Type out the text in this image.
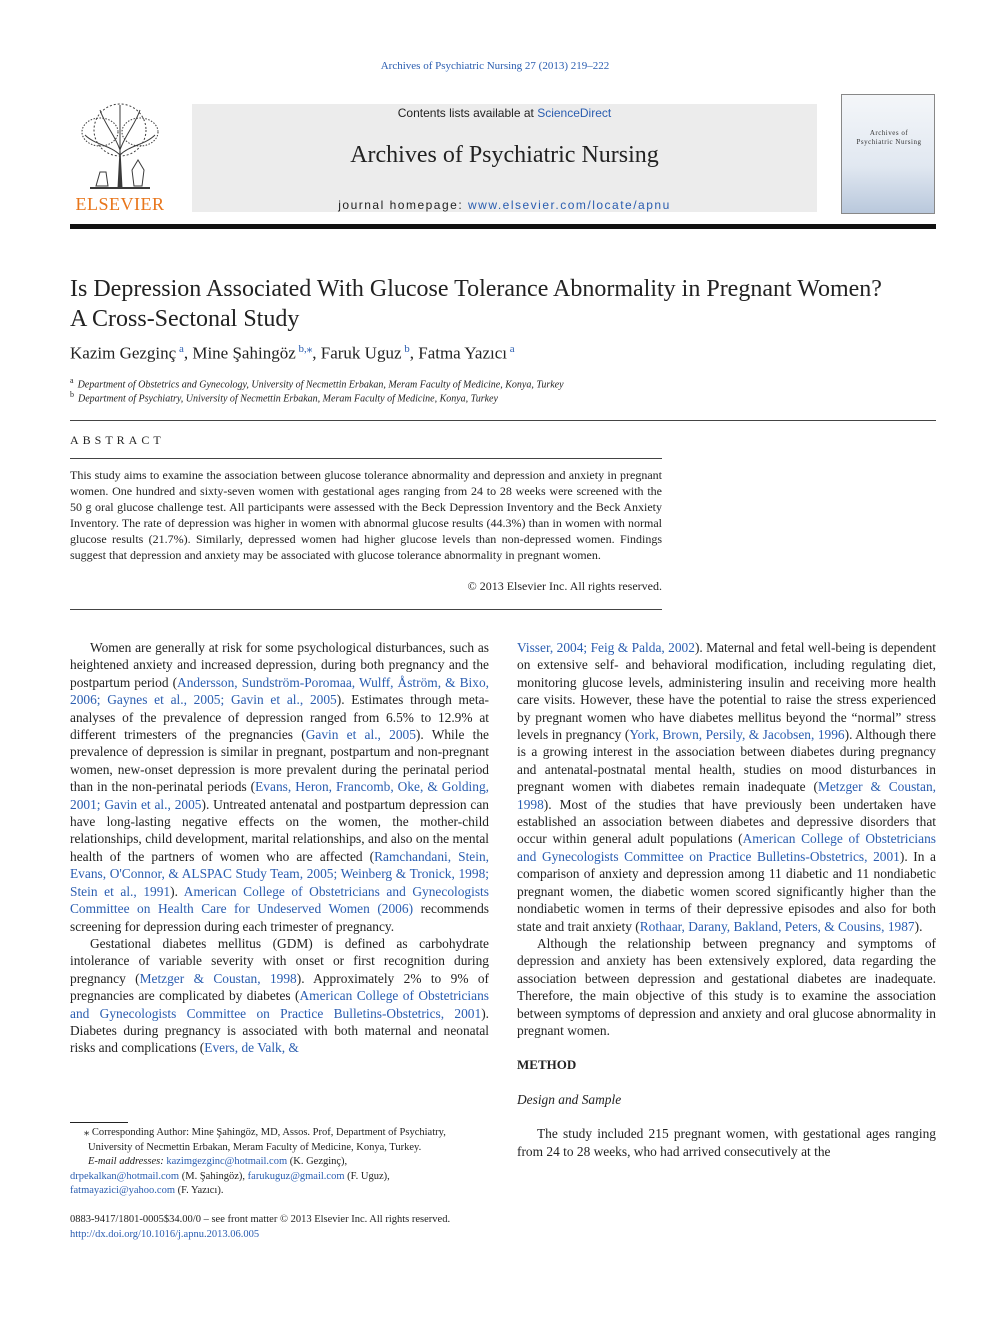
Archives of Psychiatric Nursing 27 (2013) 219–222
ELSEVIER
Contents lists available at ScienceDirect
Archives of Psychiatric Nursing
journal homepage: www.elsevier.com/locate/apnu
Archives of
Psychiatric Nursing
Is Depression Associated With Glucose Tolerance Abnormality in Pregnant Women?
A Cross-Sectonal Study
Kazim Gezginç $^a$, Mine Şahingöz $^{b,⁎}$, Faruk Uguz $^b$, Fatma Yazıcı $^a$
$^a$ Department of Obstetrics and Gynecology, University of Necmettin Erbakan, Meram Faculty of Medicine, Konya, Turkey
$^b$ Department of Psychiatry, University of Necmettin Erbakan, Meram Faculty of Medicine, Konya, Turkey
ABSTRACT
This study aims to examine the association between glucose tolerance abnormality and depression and anxiety in pregnant women. One hundred and sixty-seven women with gestational ages ranging from 24 to 28 weeks were screened with the 50 g oral glucose challenge test. All participants were assessed with the Beck Depression Inventory and the Beck Anxiety Inventory. The rate of depression was higher in women with abnormal glucose results (44.3%) than in women with normal glucose results (21.7%). Similarly, depressed women had higher glucose levels than non-depressed women. Findings suggest that depression and anxiety may be associated with glucose tolerance abnormality in pregnant women.
© 2013 Elsevier Inc. All rights reserved.

Women are generally at risk for some psychological disturbances, such as heightened anxiety and increased depression, during both pregnancy and the postpartum period (Andersson, Sundström-Poromaa, Wulff, Åström, & Bixo, 2006; Gaynes et al., 2005; Gavin et al., 2005). Estimates through meta-analyses of the prevalence of depression ranged from 6.5% to 12.9% at different trimesters of the pregnancies (Gavin et al., 2005). While the prevalence of depression is similar in pregnant, postpartum and non-pregnant women, new-onset depression is more prevalent during the perinatal period than in the non-perinatal periods (Evans, Heron, Francomb, Oke, & Golding, 2001; Gavin et al., 2005). Untreated antenatal and postpartum depression can have long-lasting negative effects on the women, the mother-child relationships, child development, marital relationships, and also on the mental health of the partners of women who are affected (Ramchandani, Stein, Evans, O'Connor, & ALSPAC Study Team, 2005; Weinberg & Tronick, 1998; Stein et al., 1991). American College of Obstetricians and Gynecologists Committee on Health Care for Undeserved Women (2006) recommends screening for depression during each trimester of pregnancy.

Gestational diabetes mellitus (GDM) is defined as carbohydrate intolerance of variable severity with onset or first recognition during pregnancy (Metzger & Coustan, 1998). Approximately 2% to 9% of pregnancies are complicated by diabetes (American College of Obstetricians and Gynecologists Committee on Practice Bulletins-Obstetrics, 2001). Diabetes during pregnancy is associated with both maternal and neonatal risks and complications (Evers, de Valk, &

Visser, 2004; Feig & Palda, 2002). Maternal and fetal well-being is dependent on extensive self- and behavioral modification, including regulating diet, monitoring glucose levels, administering insulin and receiving more health care visits. However, these have the potential to raise the stress experienced by pregnant women who have diabetes mellitus beyond the “normal” stress levels in pregnancy (York, Brown, Persily, & Jacobsen, 1996). Although there is a growing interest in the association between diabetes during pregnancy and antenatal-postnatal mental health, studies on mood disturbances in pregnant women with diabetes remain inadequate (Metzger & Coustan, 1998). Most of the studies that have previously been undertaken have established an association between diabetes and depressive disorders that occur within general adult populations (American College of Obstetricians and Gynecologists Committee on Practice Bulletins-Obstetrics, 2001). In a comparison of anxiety and depression among 11 diabetic and 11 nondiabetic pregnant women, the diabetic women scored significantly higher than the nondiabetic women in terms of their depressive episodes and also for both state and trait anxiety (Rothaar, Darany, Bakland, Peters, & Cousins, 1987).

Although the relationship between pregnancy and symptoms of depression and anxiety has been extensively explored, data regarding the association between depression and gestational diabetes are inadequate. Therefore, the main objective of this study is to examine the association between symptoms of depression and anxiety and oral glucose abnormality in pregnant women.

METHOD
Design and Sample

The study included 215 pregnant women, with gestational ages ranging from 24 to 28 weeks, who had arrived consecutively at the

⁎ Corresponding Author: Mine Şahingöz, MD, Assos. Prof, Department of Psychiatry, University of Necmettin Erbakan, Meram Faculty of Medicine, Konya, Turkey.
E-mail addresses: kazimgezginc@hotmail.com (K. Gezginç),
drpekalkan@hotmail.com (M. Şahingöz), farukuguz@gmail.com (F. Uguz),
fatmayazici@yahoo.com (F. Yazıcı).
0883-9417/1801-0005$34.00/0 – see front matter © 2013 Elsevier Inc. All rights reserved.
http://dx.doi.org/10.1016/j.apnu.2013.06.005
